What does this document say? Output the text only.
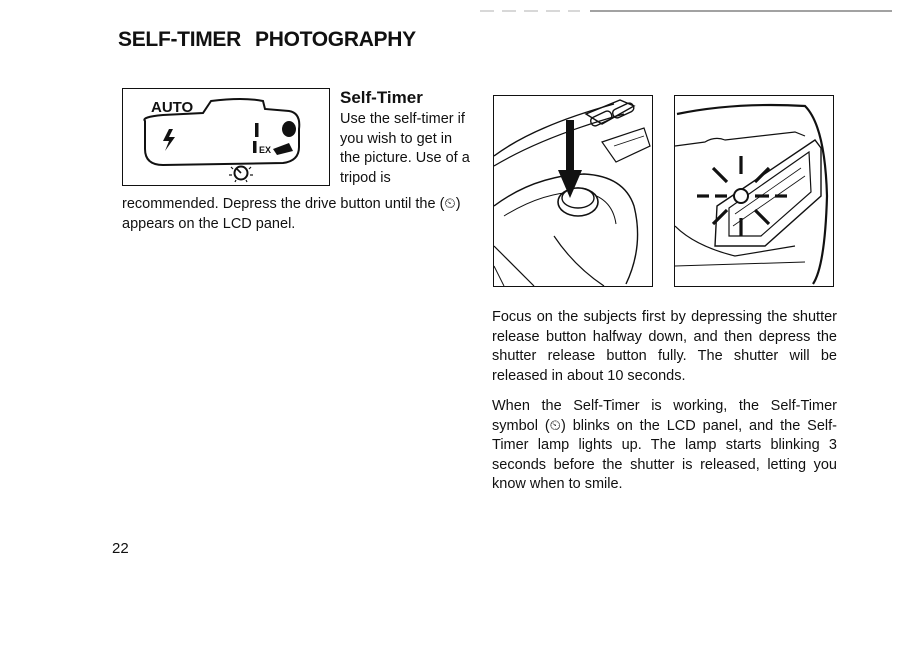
SELF-TIMER PHOTOGRAPHY
AUTO
EX
Self-Timer
Use the self-timer if you wish to get in the picture. Use of a tripod is
recommended. Depress the drive button until the (⏲) appears on the LCD panel.
Focus on the subjects first by depressing the shutter release button halfway down, and then depress the shutter release button fully. The shutter will be released in about 10 seconds.
When the Self-Timer is working, the Self-Timer symbol (⏲) blinks on the LCD panel, and the Self-Timer lamp lights up. The lamp starts blinking 3 seconds before the shutter is released, letting you know when to smile.
22
